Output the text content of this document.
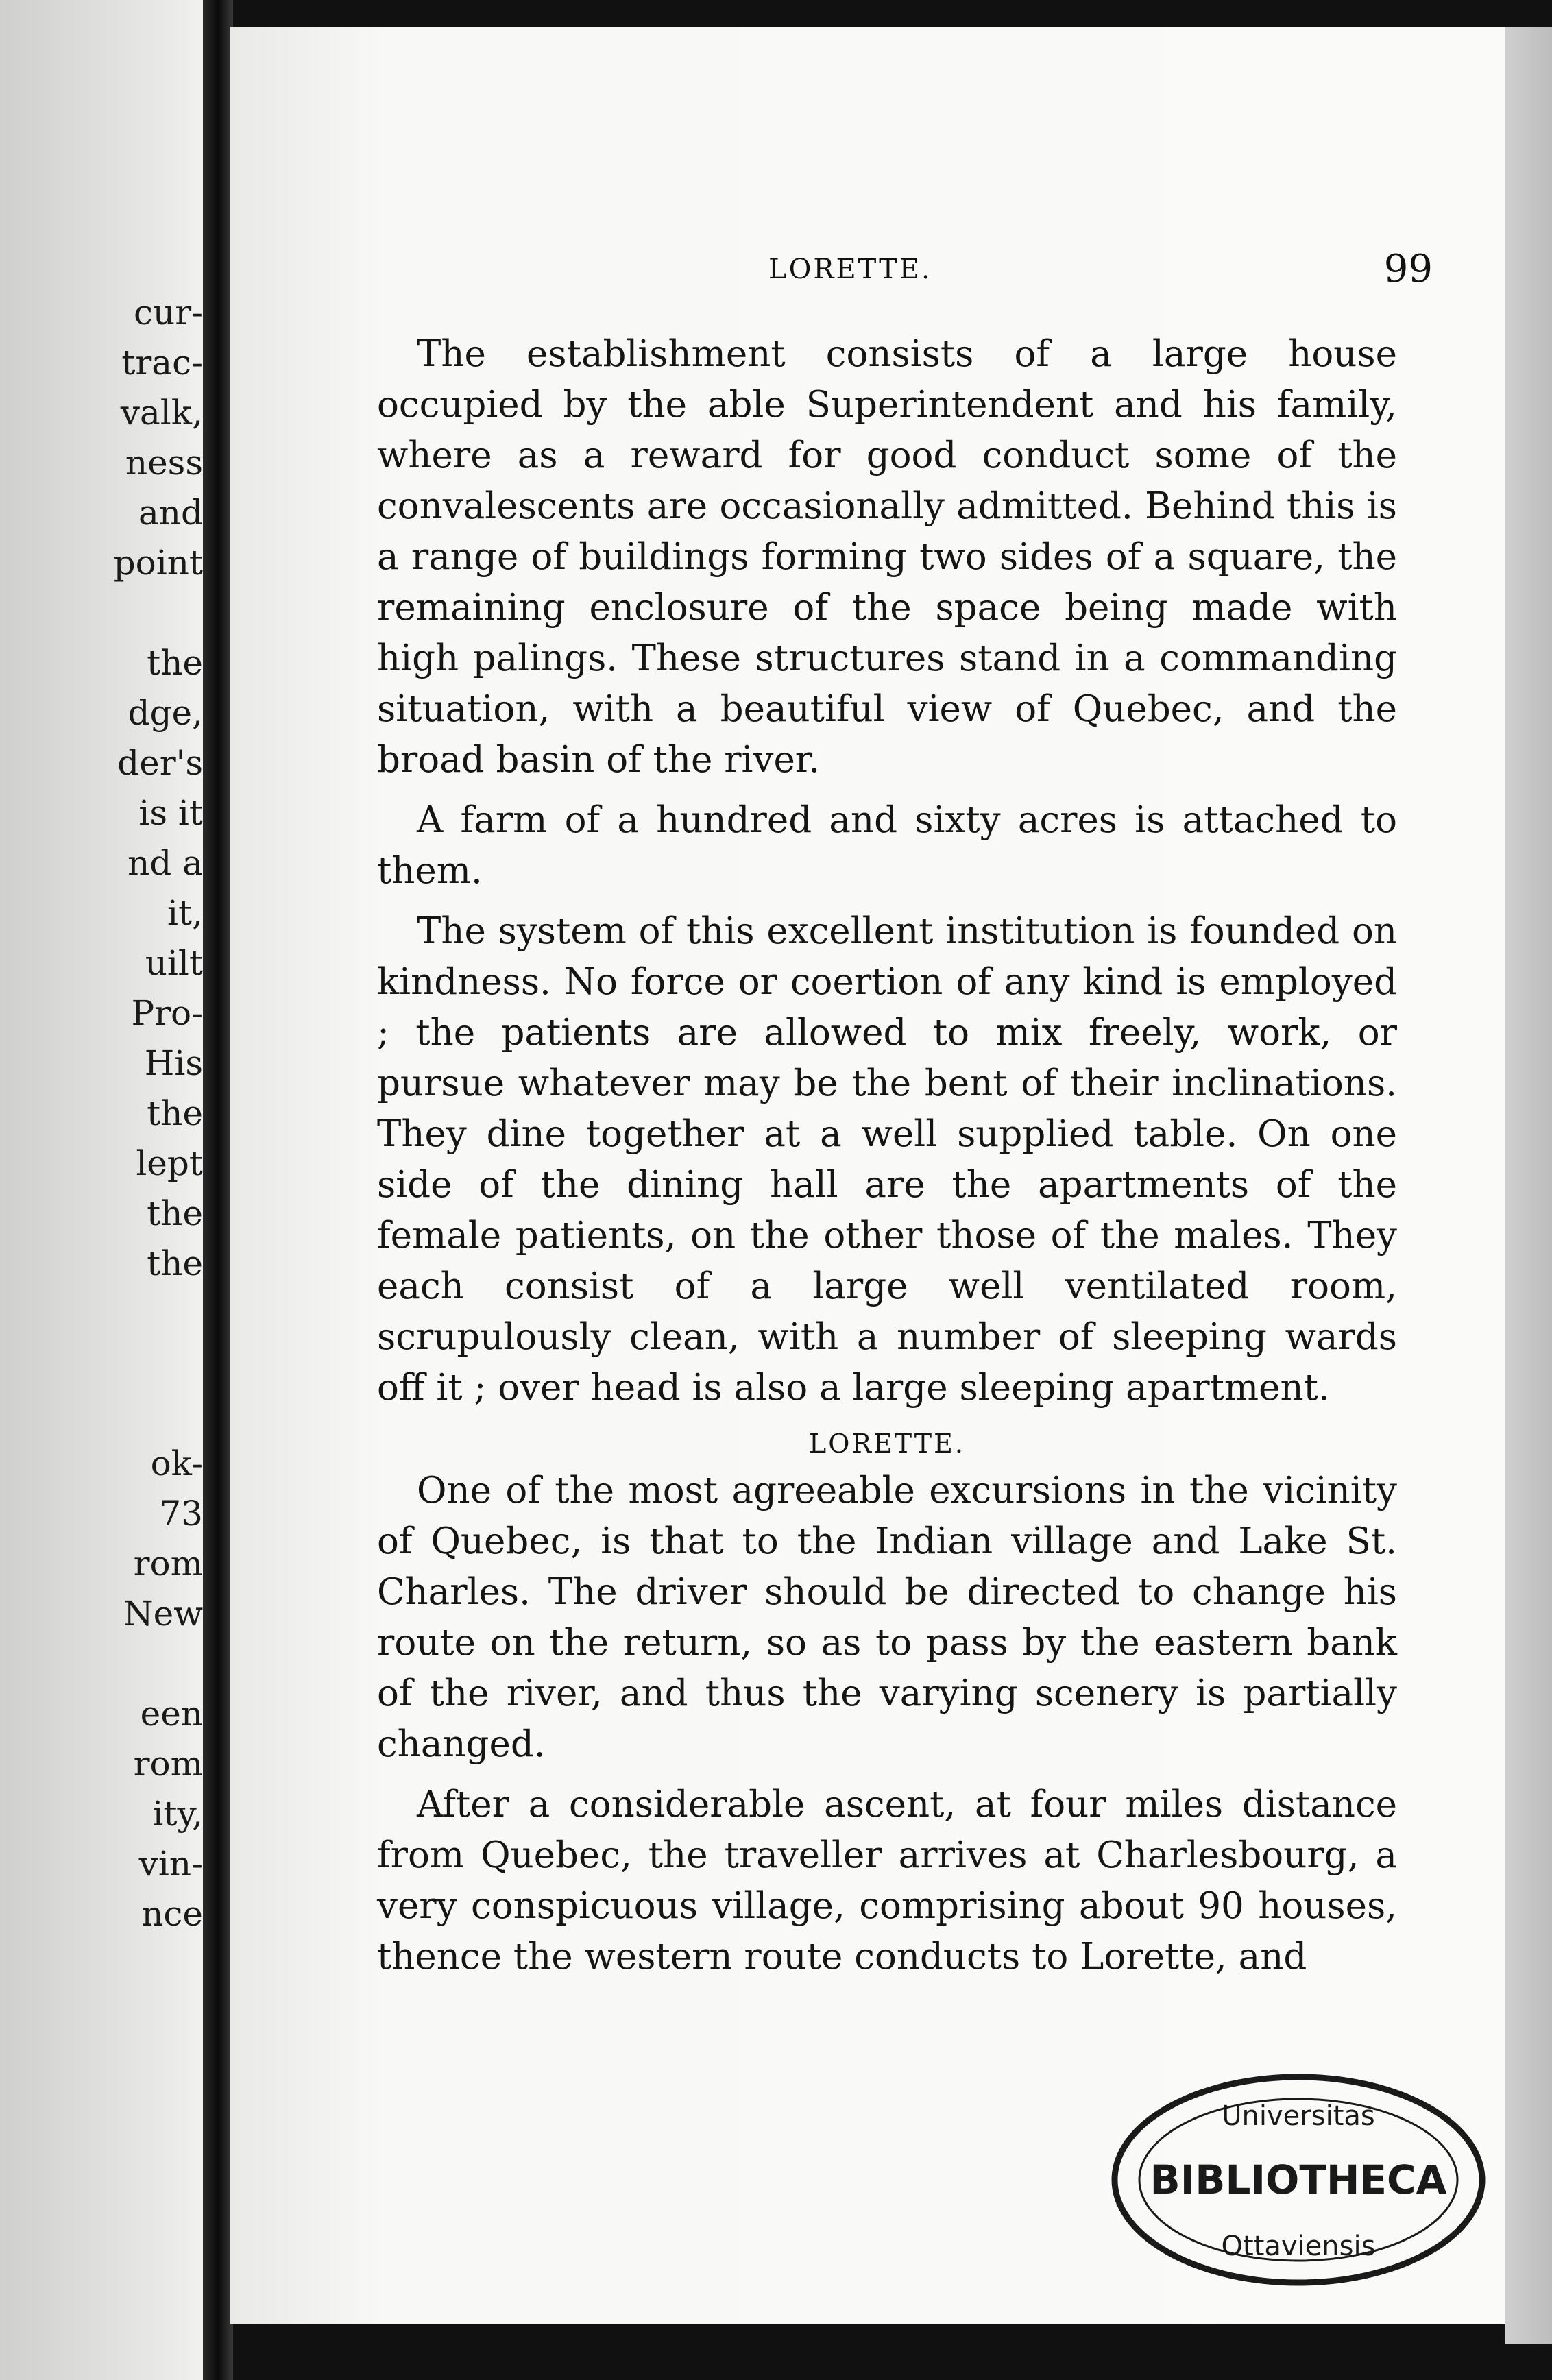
cur-
trac-
valk,
ness
and
point

the
dge,
der's
is it
nd a
it,
uilt
Pro-
His
the
lept
the
the

ok-
73
rom
New

een
rom
ity,
vin-
nce
LORETTE.	99

The establishment consists of a large house occupied by the able Superintendent and his family, where as a reward for good conduct some of the convalescents are occasionally admitted. Behind this is a range of buildings forming two sides of a square, the remaining enclosure of the space being made with high palings. These structures stand in a commanding situation, with a beautiful view of Quebec, and the broad basin of the river.

A farm of a hundred and sixty acres is attached to them.

The system of this excellent institution is founded on kindness. No force or coertion of any kind is employed ; the patients are allowed to mix freely, work, or pursue whatever may be the bent of their inclinations. They dine together at a well supplied table. On one side of the dining hall are the apartments of the female patients, on the other those of the males. They each consist of a large well ventilated room, scrupulously clean, with a number of sleeping wards off it ; over head is also a large sleeping apartment.

LORETTE.

One of the most agreeable excursions in the vicinity of Quebec, is that to the Indian village and Lake St. Charles. The driver should be directed to change his route on the return, so as to pass by the eastern bank of the river, and thus the varying scenery is partially changed.

After a considerable ascent, at four miles distance from Quebec, the traveller arrives at Charlesbourg, a very conspicuous village, comprising about 90 houses, thence the western route conducts to Lorette, and

Universitas
BIBLIOTHECA
Ottaviensis
